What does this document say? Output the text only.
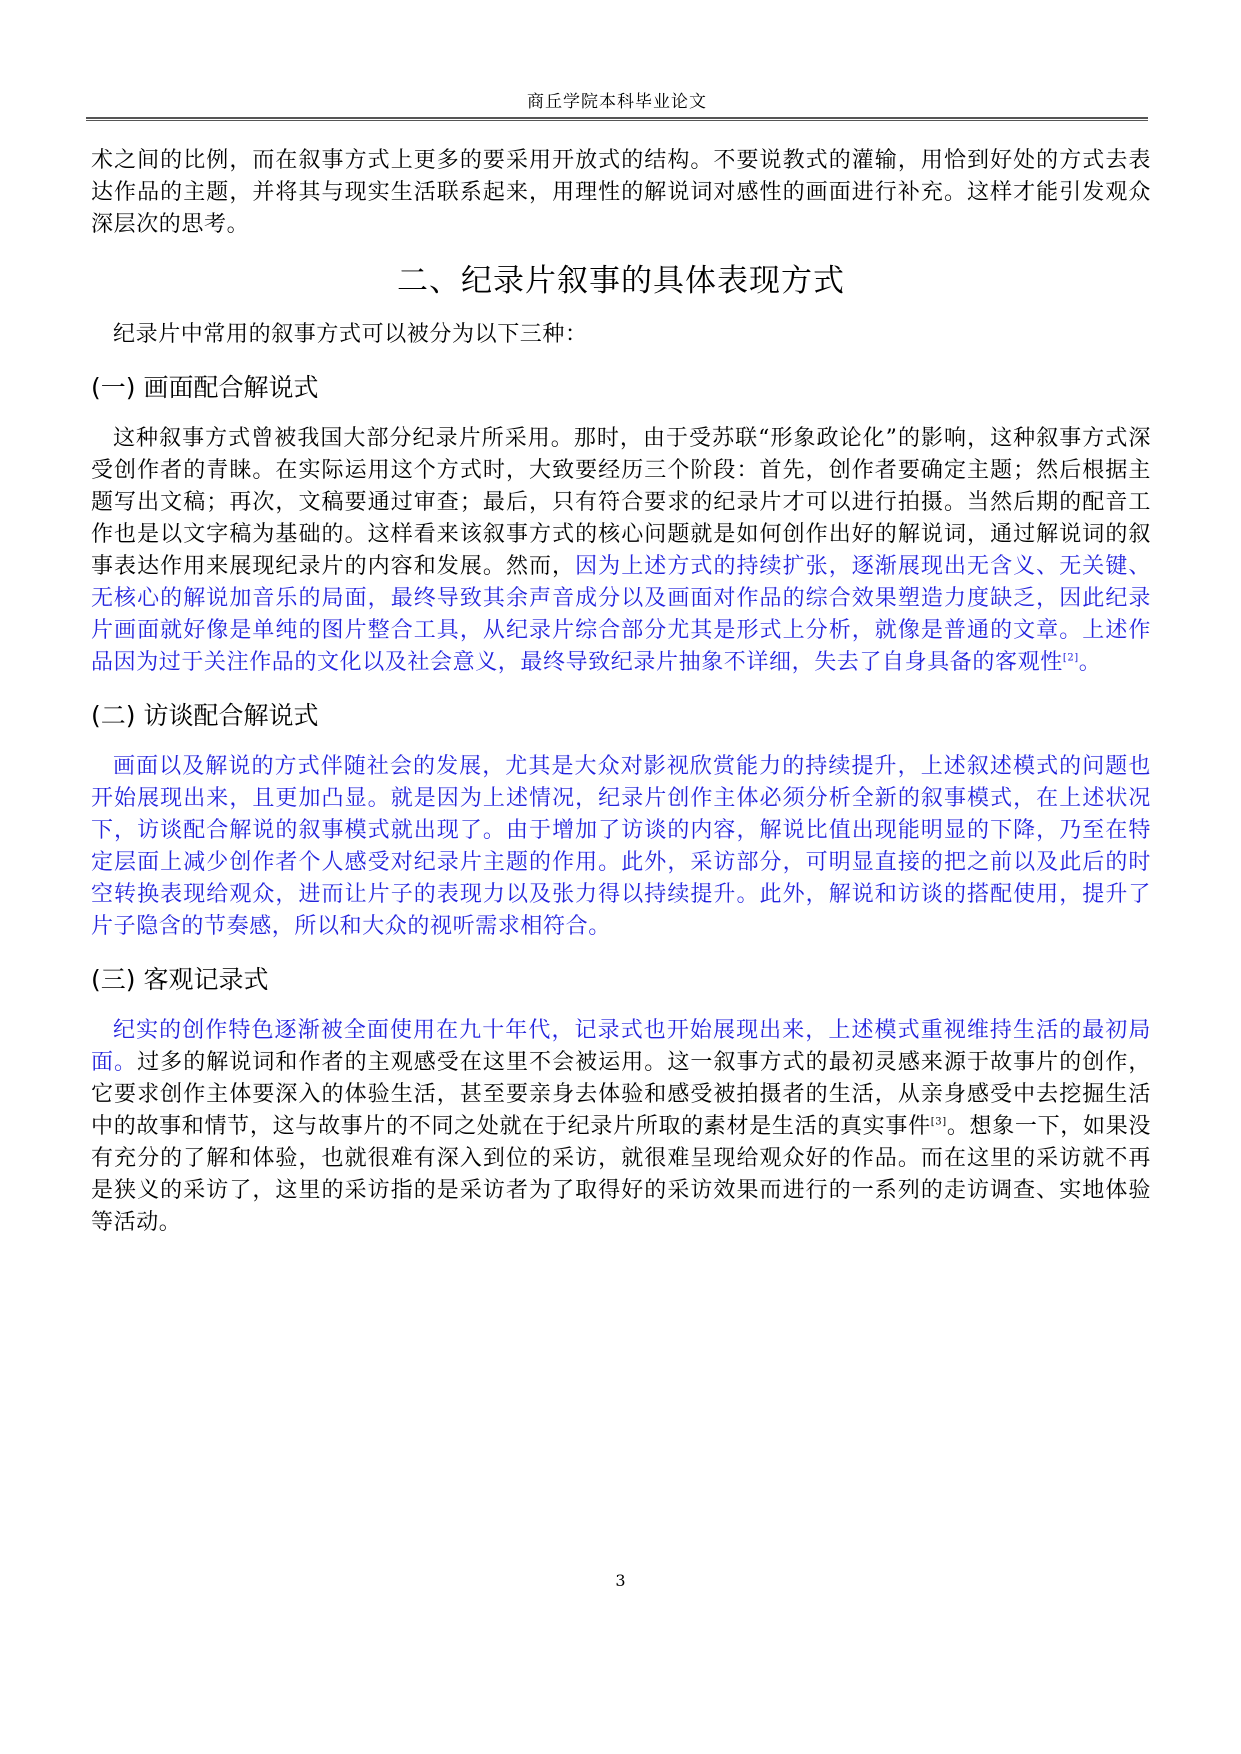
商丘学院本科毕业论文

术之间的比例，而在叙事方式上更多的要采用开放式的结构。不要说教式的灌输，用恰到好处的方式去表达作品的主题，并将其与现实生活联系起来，用理性的解说词对感性的画面进行补充。这样才能引发观众深层次的思考。

二、纪录片叙事的具体表现方式

纪录片中常用的叙事方式可以被分为以下三种：

(一) 画面配合解说式

这种叙事方式曾被我国大部分纪录片所采用。那时，由于受苏联“形象政论化”的影响，这种叙事方式深受创作者的青睐。在实际运用这个方式时，大致要经历三个阶段：首先，创作者要确定主题；然后根据主题写出文稿；再次，文稿要通过审查；最后，只有符合要求的纪录片才可以进行拍摄。当然后期的配音工作也是以文字稿为基础的。这样看来该叙事方式的核心问题就是如何创作出好的解说词，通过解说词的叙事表达作用来展现纪录片的内容和发展。然而，因为上述方式的持续扩张，逐渐展现出无含义、无关键、无核心的解说加音乐的局面，最终导致其余声音成分以及画面对作品的综合效果塑造力度缺乏，因此纪录片画面就好像是单纯的图片整合工具，从纪录片综合部分尤其是形式上分析，就像是普通的文章。上述作品因为过于关注作品的文化以及社会意义，最终导致纪录片抽象不详细，失去了自身具备的客观性[2]。

(二) 访谈配合解说式

画面以及解说的方式伴随社会的发展，尤其是大众对影视欣赏能力的持续提升，上述叙述模式的问题也开始展现出来，且更加凸显。就是因为上述情况，纪录片创作主体必须分析全新的叙事模式，在上述状况下，访谈配合解说的叙事模式就出现了。由于增加了访谈的内容，解说比值出现能明显的下降，乃至在特定层面上减少创作者个人感受对纪录片主题的作用。此外，采访部分，可明显直接的把之前以及此后的时空转换表现给观众，进而让片子的表现力以及张力得以持续提升。此外，解说和访谈的搭配使用，提升了片子隐含的节奏感，所以和大众的视听需求相符合。

(三) 客观记录式

纪实的创作特色逐渐被全面使用在九十年代，记录式也开始展现出来，上述模式重视维持生活的最初局面。过多的解说词和作者的主观感受在这里不会被运用。这一叙事方式的最初灵感来源于故事片的创作，它要求创作主体要深入的体验生活，甚至要亲身去体验和感受被拍摄者的生活，从亲身感受中去挖掘生活中的故事和情节，这与故事片的不同之处就在于纪录片所取的素材是生活的真实事件[3]。想象一下，如果没有充分的了解和体验，也就很难有深入到位的采访，就很难呈现给观众好的作品。而在这里的采访就不再是狭义的采访了，这里的采访指的是采访者为了取得好的采访效果而进行的一系列的走访调查、实地体验等活动。

3
